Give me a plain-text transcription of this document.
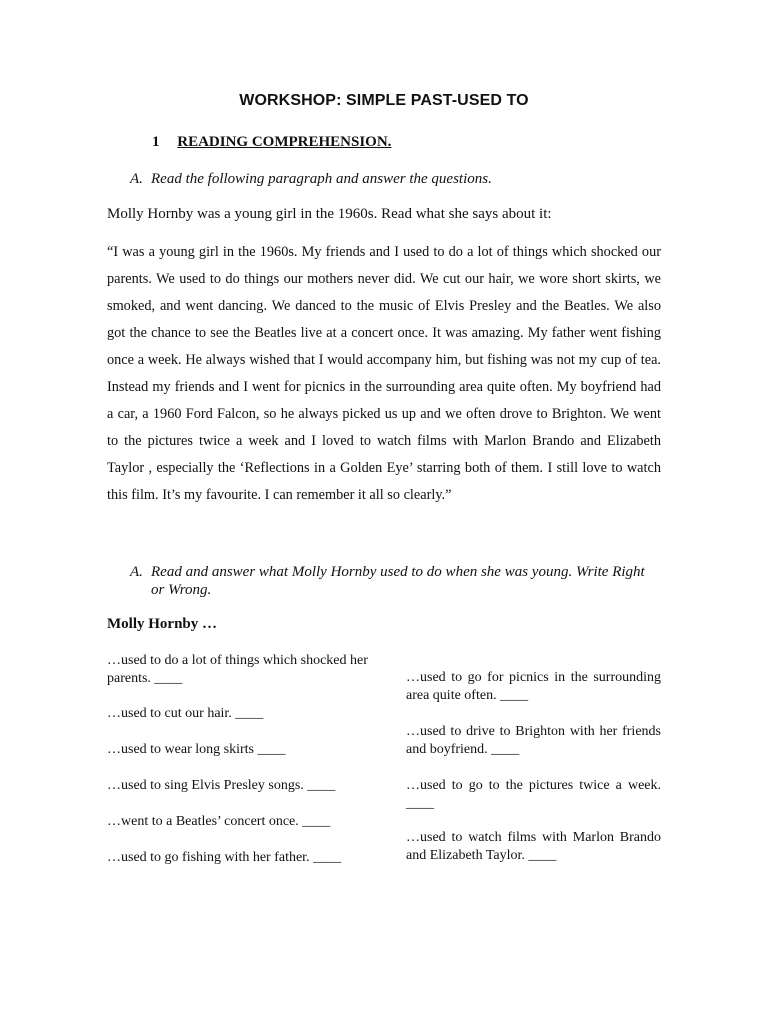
WORKSHOP: SIMPLE PAST-USED TO
1 READING COMPREHENSION.
A. Read the following paragraph and answer the questions.
Molly Hornby was a young girl in the 1960s. Read what she says about it:

“I was a young girl in the 1960s. My friends and I used to do a lot of things which shocked our parents. We used to do things our mothers never did. We cut our hair, we wore short skirts, we smoked, and went dancing. We danced to the music of Elvis Presley and the Beatles. We also got the chance to see the Beatles live at a concert once. It was amazing. My father went fishing once a week. He always wished that I would accompany him, but fishing was not my cup of tea. Instead my friends and I went for picnics in the surrounding area quite often. My boyfriend had a car, a 1960 Ford Falcon, so he always picked us up and we often drove to Brighton. We went to the pictures twice a week and I loved to watch films with Marlon Brando and Elizabeth Taylor , especially the ‘Reflections in a Golden Eye’ starring both of them. I still love to watch this film. It’s my favourite. I can remember it all so clearly.”

A. Read and answer what Molly Hornby used to do when she was young. Write Right or Wrong.
Molly Hornby …
…used to do a lot of things which shocked her parents. ____
…used to cut our hair. ____
…used to wear long skirts ____
…used to sing Elvis Presley songs. ____
…went to a Beatles’ concert once. ____
…used to go fishing with her father. ____
…used to go for picnics in the surrounding area quite often. ____
…used to drive to Brighton with her friends and boyfriend. ____
…used to go to the pictures twice a week. ____
…used to watch films with Marlon Brando and Elizabeth Taylor. ____
